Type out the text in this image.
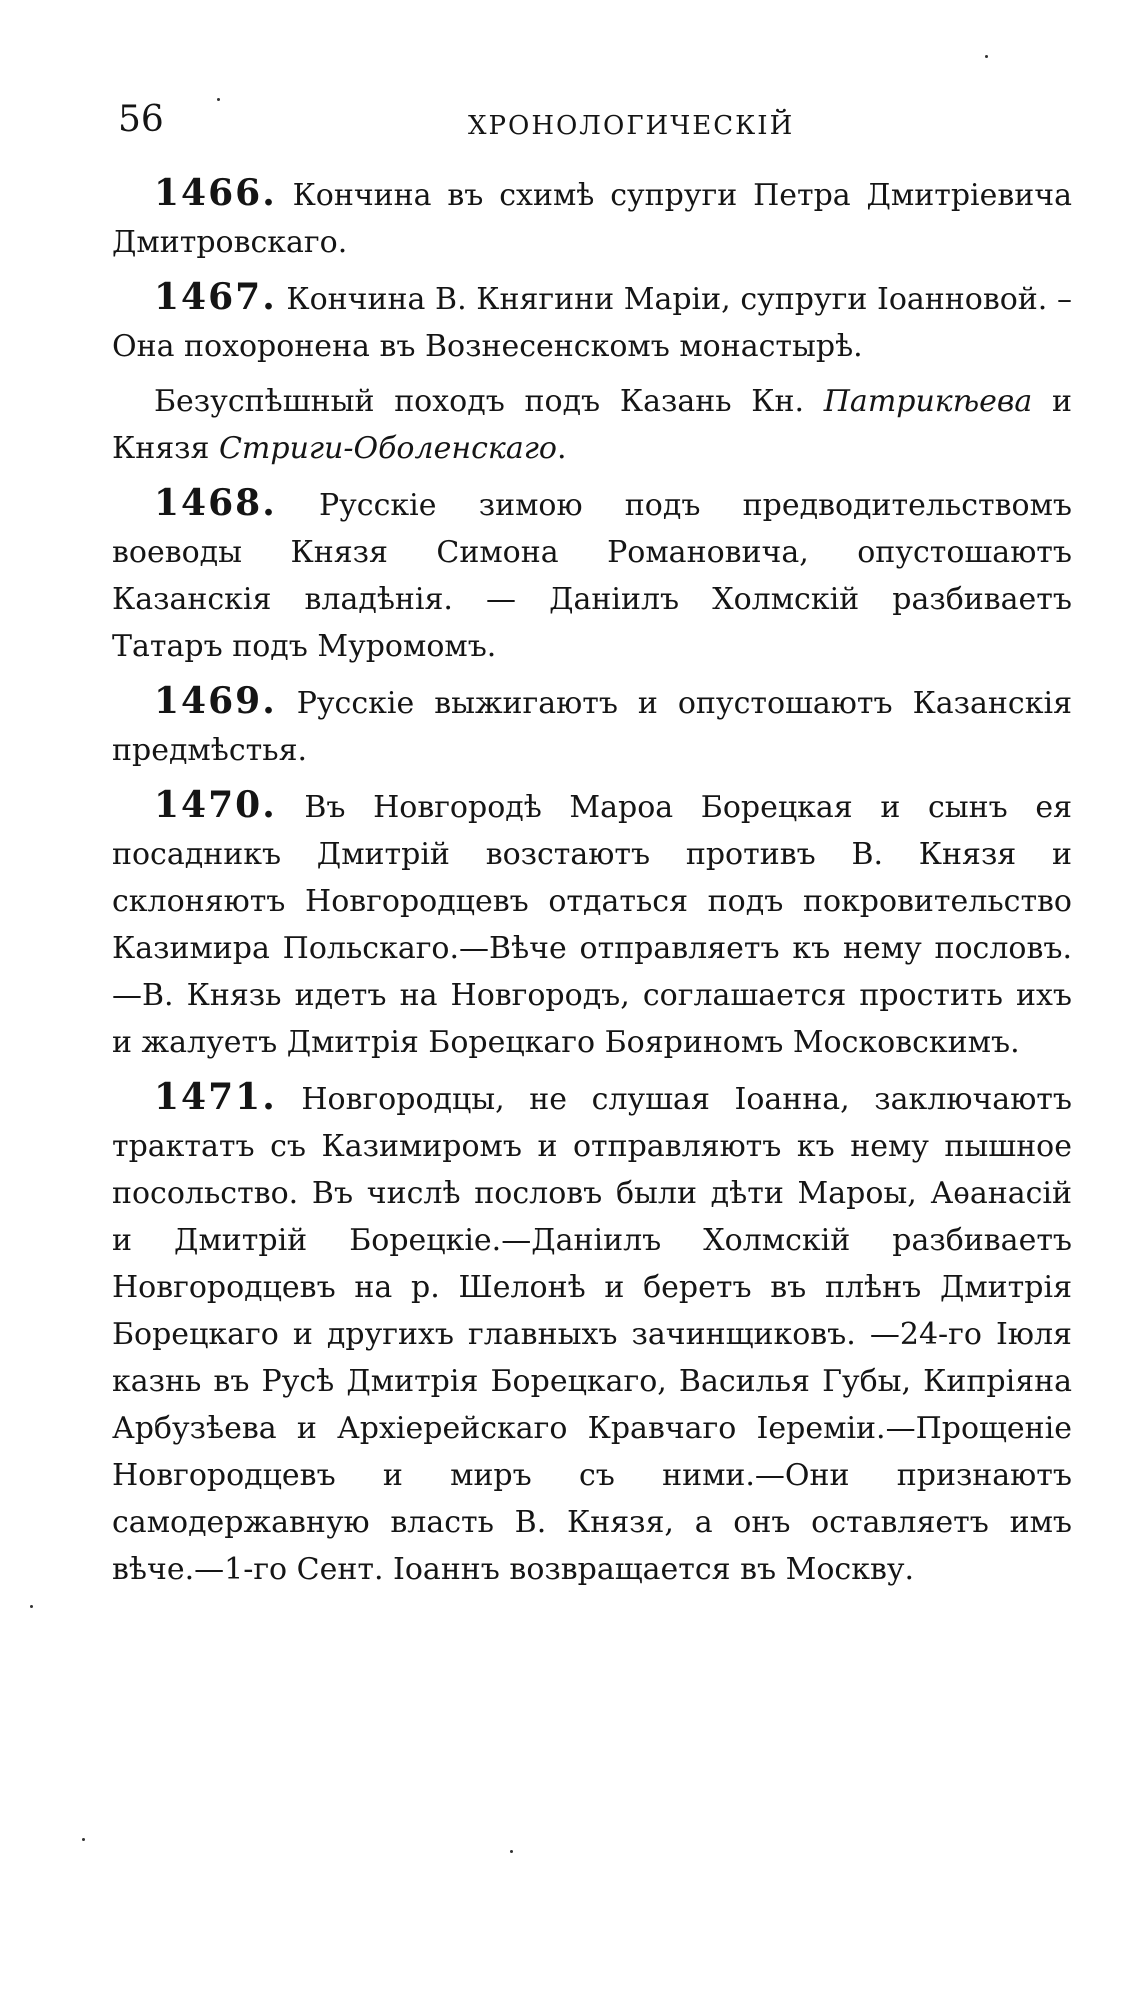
56	ХРОНОЛОГИЧЕСКІЙ

1466. Кончина въ схимѣ супруги Петра Дмитріевича Дмитровскаго.

1467. Кончина В. Княгини Маріи, супруги Іоанновой. – Она похоронена въ Вознесенскомъ монастырѣ.

Безуспѣшный походъ подъ Казань Кн. Патрикѣева и Князя Стриги-Оболенскаго.

1468. Русскіе зимою подъ предводительствомъ воеводы Князя Симона Романовича, опустошаютъ Казанскія владѣнія. — Даніилъ Холмскій разбиваетъ Татаръ подъ Муромомъ.

1469. Русскіе выжигаютъ и опустошаютъ Казанскія предмѣстья.

1470. Въ Новгородѣ Мароа Борецкая и сынъ ея посадникъ Дмитрій возстаютъ противъ В. Князя и склоняютъ Новгородцевъ отдаться подъ покровительство Казимира Польскаго.—Вѣче отправляетъ къ нему пословъ. —В. Князь идетъ на Новгородъ, соглашается простить ихъ и жалуетъ Дмитрія Борецкаго Бояриномъ Московскимъ.

1471. Новгородцы, не слушая Іоанна, заключаютъ трактатъ съ Казимиромъ и отправляютъ къ нему пышное посольство. Въ числѣ пословъ были дѣти Мароы, Аѳанасій и Дмитрій Борецкіе.—Даніилъ Холмскій разбиваетъ Новгородцевъ на р. Шелонѣ и беретъ въ плѣнъ Дмитрія Борецкаго и другихъ главныхъ зачинщиковъ. —24-го Іюля казнь въ Русѣ Дмитрія Борецкаго, Василья Губы, Кипріяна Арбузѣева и Архіерейскаго Кравчаго Іереміи.—Прощеніе Новгородцевъ и миръ съ ними.—Они признаютъ самодержавную власть В. Князя, а онъ оставляетъ имъ вѣче.—1-го Сент. Іоаннъ возвращается въ Москву.
